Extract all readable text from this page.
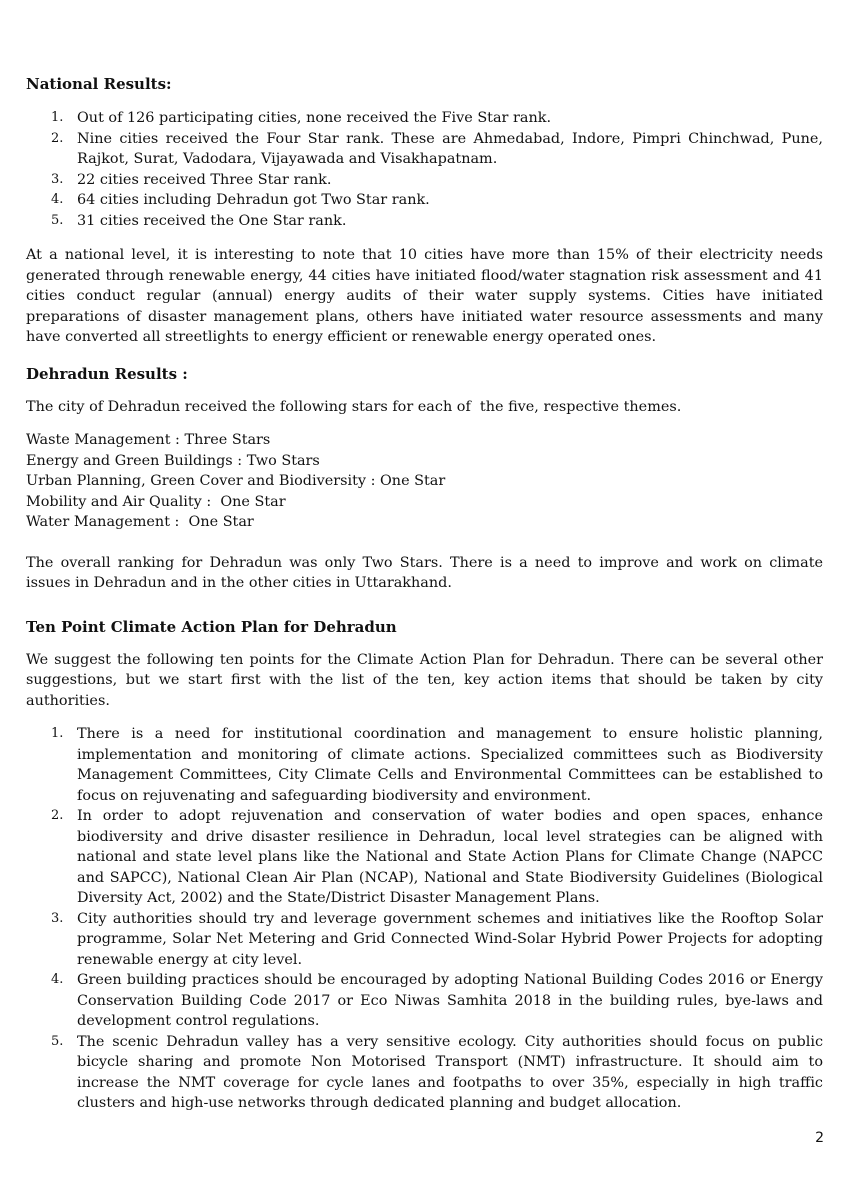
National Results:
1. Out of 126 participating cities, none received the Five Star rank.
2. Nine cities received the Four Star rank. These are Ahmedabad, Indore, Pimpri Chinchwad, Pune, Rajkot, Surat, Vadodara, Vijayawada and Visakhapatnam.
3. 22 cities received Three Star rank.
4. 64 cities including Dehradun got Two Star rank.
5. 31 cities received the One Star rank.

At a national level, it is interesting to note that 10 cities have more than 15% of their electricity needs generated through renewable energy, 44 cities have initiated flood/water stagnation risk assessment and 41 cities conduct regular (annual) energy audits of their water supply systems. Cities have initiated preparations of disaster management plans, others have initiated water resource assessments and many have converted all streetlights to energy efficient or renewable energy operated ones.

Dehradun Results :

The city of Dehradun received the following stars for each of  the five, respective themes.

Waste Management : Three Stars
Energy and Green Buildings : Two Stars
Urban Planning, Green Cover and Biodiversity : One Star
Mobility and Air Quality :  One Star
Water Management :  One Star

The overall ranking for Dehradun was only Two Stars. There is a need to improve and work on climate issues in Dehradun and in the other cities in Uttarakhand.

Ten Point Climate Action Plan for Dehradun

We suggest the following ten points for the Climate Action Plan for Dehradun. There can be several other suggestions, but we start first with the list of the ten, key action items that should be taken by city authorities.

1. There is a need for institutional coordination and management to ensure holistic planning, implementation and monitoring of climate actions. Specialized committees such as Biodiversity Management Committees, City Climate Cells and Environmental Committees can be established to focus on rejuvenating and safeguarding biodiversity and environment.
2. In order to adopt rejuvenation and conservation of water bodies and open spaces, enhance biodiversity and drive disaster resilience in Dehradun, local level strategies can be aligned with national and state level plans like the National and State Action Plans for Climate Change (NAPCC and SAPCC), National Clean Air Plan (NCAP), National and State Biodiversity Guidelines (Biological Diversity Act, 2002) and the State/District Disaster Management Plans.
3. City authorities should try and leverage government schemes and initiatives like the Rooftop Solar programme, Solar Net Metering and Grid Connected Wind-Solar Hybrid Power Projects for adopting renewable energy at city level.
4. Green building practices should be encouraged by adopting National Building Codes 2016 or Energy Conservation Building Code 2017 or Eco Niwas Samhita 2018 in the building rules, bye-laws and development control regulations.
5. The scenic Dehradun valley has a very sensitive ecology. City authorities should focus on public bicycle sharing and promote Non Motorised Transport (NMT) infrastructure. It should aim to increase the NMT coverage for cycle lanes and footpaths to over 35%, especially in high traffic clusters and high-use networks through dedicated planning and budget allocation.
2
